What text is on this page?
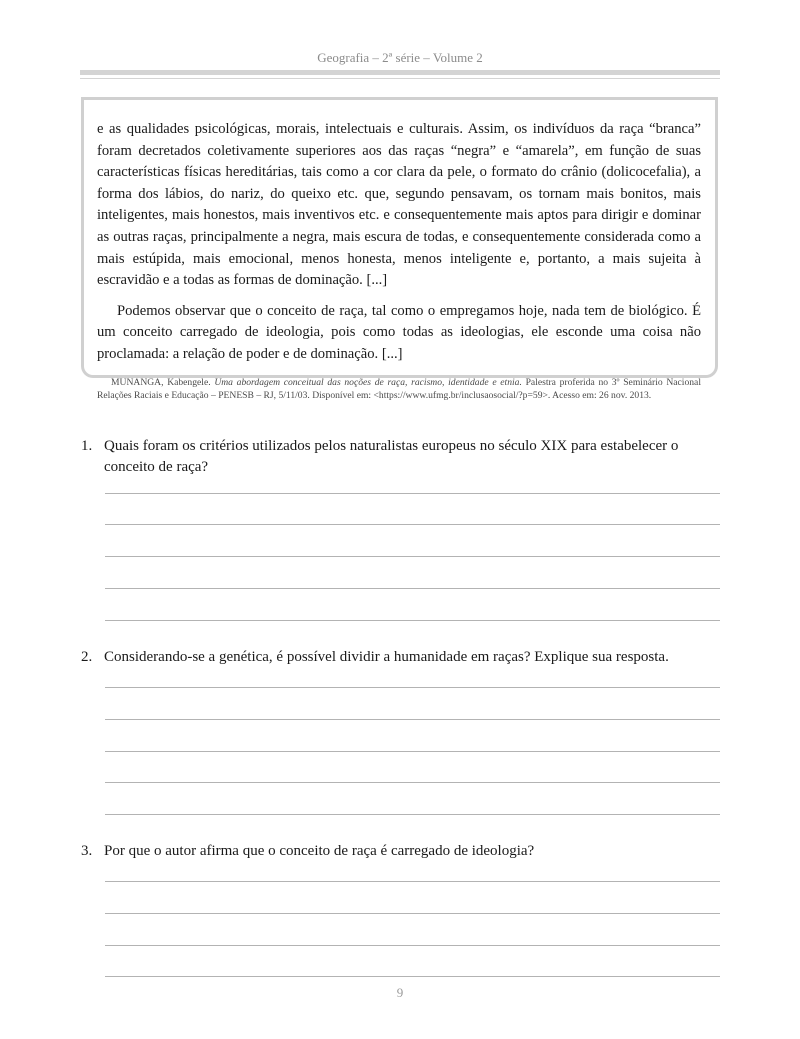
Geografia – 2ª série – Volume 2

e as qualidades psicológicas, morais, intelectuais e culturais. Assim, os indivíduos da raça “branca” foram decretados coletivamente superiores aos das raças “negra” e “amarela”, em função de suas características físicas hereditárias, tais como a cor clara da pele, o formato do crânio (dolicocefalia), a forma dos lábios, do nariz, do queixo etc. que, segundo pensavam, os tornam mais bonitos, mais inteligentes, mais honestos, mais inventivos etc. e consequentemente mais aptos para dirigir e dominar as outras raças, principalmente a negra, mais escura de todas, e consequentemente considerada como a mais estúpida, mais emocional, menos honesta, menos inteligente e, portanto, a mais sujeita à escravidão e a todas as formas de dominação. [...]

Podemos observar que o conceito de raça, tal como o empregamos hoje, nada tem de biológico. É um conceito carregado de ideologia, pois como todas as ideologias, ele esconde uma coisa não proclamada: a relação de poder e de dominação. [...]

MUNANGA, Kabengele. Uma abordagem conceitual das noções de raça, racismo, identidade e etnia. Palestra proferida no 3º Seminário Nacional Relações Raciais e Educação – PENESB – RJ, 5/11/03. Disponível em: <https://www.ufmg.br/inclusaosocial/?p=59>. Acesso em: 26 nov. 2013.
1. Quais foram os critérios utilizados pelos naturalistas europeus no século XIX para estabelecer o conceito de raça?
2. Considerando-se a genética, é possível dividir a humanidade em raças? Explique sua resposta.
3. Por que o autor afirma que o conceito de raça é carregado de ideologia?
9
